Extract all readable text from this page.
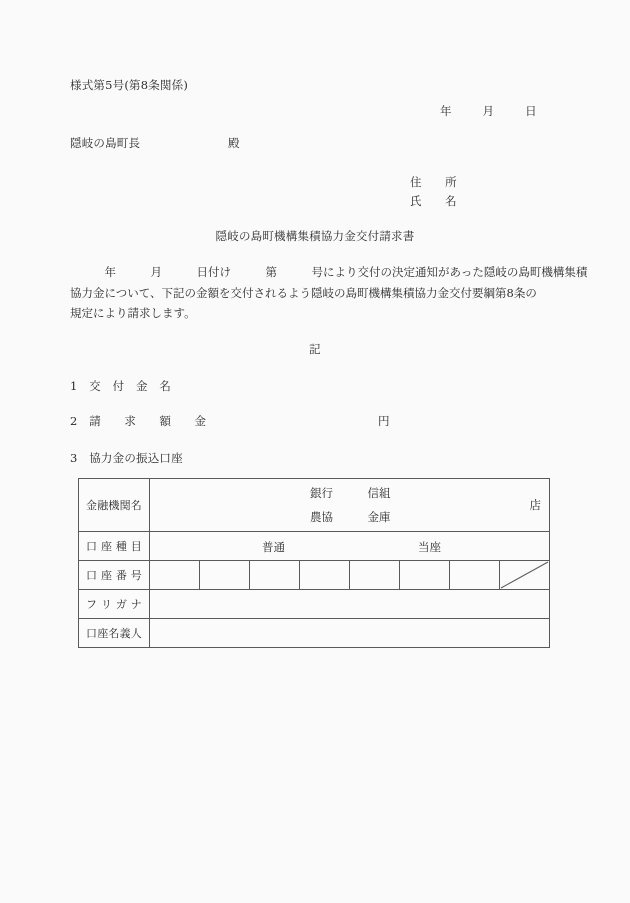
様式第5号(第8条関係)
年        月        日
隠岐の島町長	殿
住　　所
氏　　名
隠岐の島町機構集積協力金交付請求書
　　　年　　　月　　　日付け　　　第　　　号により交付の決定通知があった隠岐の島町機構集積
協力金について、下記の金額を交付されるよう隠岐の島町機構集積協力金交付要綱第8条の
規定により請求します。
記
1　交　付　金　名
2　請　　求　　額　　金	円
3　協力金の振込口座
金融機関名	銀行　　　信組
農協　　　金庫
店							

口 座 種 目	普通 当座							

口 座 番 号								

フ リ ガ ナ								
口座名義人								
